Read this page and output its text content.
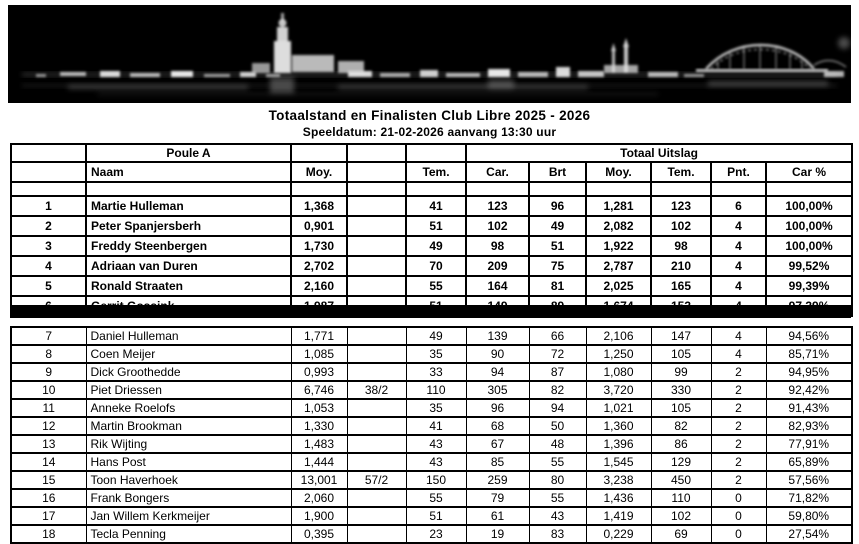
Totaalstand en Finalisten Club Libre 2025 - 2026
Speeldatum: 21-02-2026 aanvang 13:30 uur
	Poule A				Totaal Uitslag					
	Naam	Moy.		Tem.	Car.	Brt	Moy.	Tem.	Pnt.	Car %

1	Martie Hulleman	1,368		41	123	96	1,281	123	6	100,00%
2	Peter Spanjersberh	0,901		51	102	49	2,082	102	4	100,00%
3	Freddy Steenbergen	1,730		49	98	51	1,922	98	4	100,00%
4	Adriaan van Duren	2,702		70	209	75	2,787	210	4	99,52%
5	Ronald Straaten	2,160		55	164	81	2,025	165	4	99,39%

7	Daniel Hulleman	1,771		49	139	66	2,106	147	4	94,56%
8	Coen Meijer	1,085		35	90	72	1,250	105	4	85,71%
9	Dick Groothedde	0,993		33	94	87	1,080	99	2	94,95%
10	Piet Driessen	6,746	38/2	110	305	82	3,720	330	2	92,42%
11	Anneke Roelofs	1,053		35	96	94	1,021	105	2	91,43%
12	Martin Brookman	1,330		41	68	50	1,360	82	2	82,93%
13	Rik Wijting	1,483		43	67	48	1,396	86	2	77,91%
14	Hans Post	1,444		43	85	55	1,545	129	2	65,89%
15	Toon Haverhoek	13,001	57/2	150	259	80	3,238	450	2	57,56%
16	Frank Bongers	2,060		55	79	55	1,436	110	0	71,82%
17	Jan Willem Kerkmeijer	1,900		51	61	43	1,419	102	0	59,80%
18	Tecla Penning	0,395		23	19	83	0,229	69	0	27,54%
